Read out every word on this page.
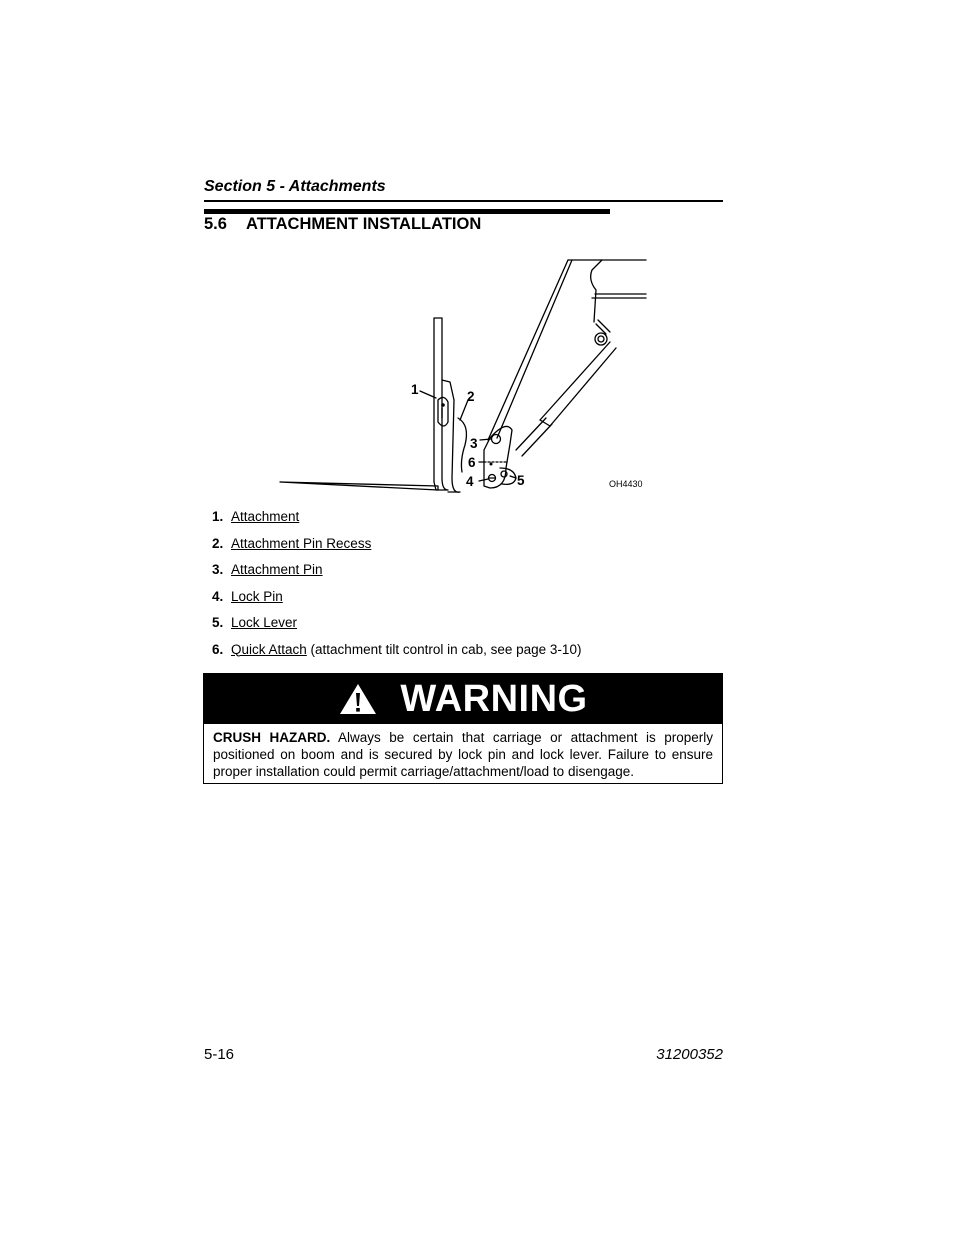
Section 5 - Attachments
5.6 ATTACHMENT INSTALLATION
1	2
3
6
4	5	OH4430
1. Attachment
2. Attachment Pin Recess
3. Attachment Pin
4. Lock Pin
5. Lock Lever
6. Quick Attach (attachment tilt control in cab, see page 3-10)
WARNING
CRUSH HAZARD. Always be certain that carriage or attachment is properly positioned on boom and is secured by lock pin and lock lever. Failure to ensure proper installation could permit carriage/attachment/load to disengage.
5-16	31200352
